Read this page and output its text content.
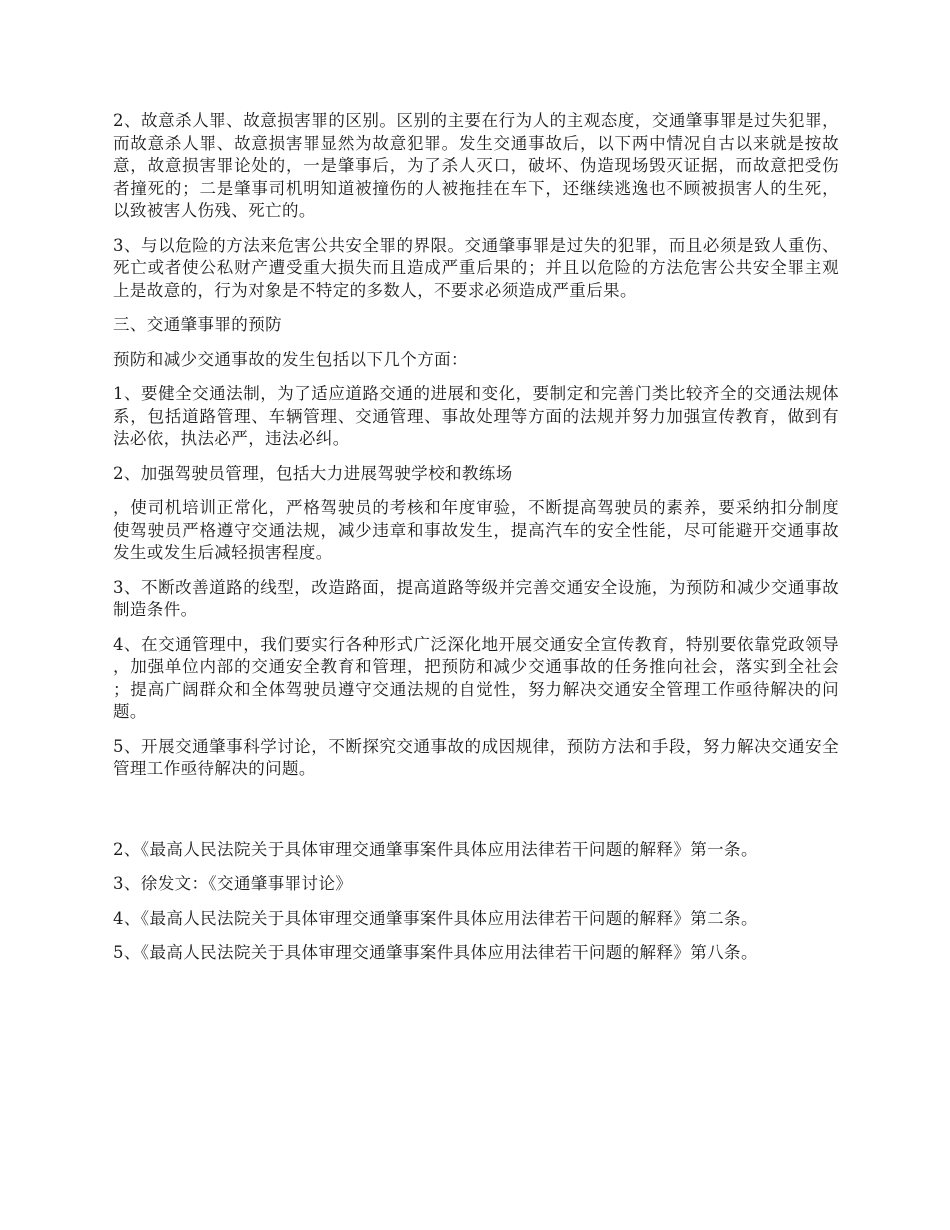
2、故意杀人罪、故意损害罪的区别。区别的主要在行为人的主观态度，交通肇事罪是过失犯罪，而故意杀人罪、故意损害罪显然为故意犯罪。发生交通事故后，以下两中情况自古以来就是按故意，故意损害罪论处的，一是肇事后，为了杀人灭口，破坏、伪造现场毁灭证据，而故意把受伤者撞死的；二是肇事司机明知道被撞伤的人被拖挂在车下，还继续逃逸也不顾被损害人的生死，以致被害人伤残、死亡的。

3、与以危险的方法来危害公共安全罪的界限。交通肇事罪是过失的犯罪，而且必须是致人重伤、死亡或者使公私财产遭受重大损失而且造成严重后果的；并且以危险的方法危害公共安全罪主观上是故意的，行为对象是不特定的多数人，不要求必须造成严重后果。

三、交通肇事罪的预防

预防和减少交通事故的发生包括以下几个方面：

1、要健全交通法制，为了适应道路交通的进展和变化，要制定和完善门类比较齐全的交通法规体系，包括道路管理、车辆管理、交通管理、事故处理等方面的法规并努力加强宣传教育，做到有法必依，执法必严，违法必纠。

2、加强驾驶员管理，包括大力进展驾驶学校和教练场

，使司机培训正常化，严格驾驶员的考核和年度审验，不断提高驾驶员的素养，要采纳扣分制度使驾驶员严格遵守交通法规，减少违章和事故发生，提高汽车的安全性能，尽可能避开交通事故发生或发生后减轻损害程度。

3、不断改善道路的线型，改造路面，提高道路等级并完善交通安全设施，为预防和减少交通事故制造条件。

4、在交通管理中，我们要实行各种形式广泛深化地开展交通安全宣传教育，特别要依靠党政领导，加强单位内部的交通安全教育和管理，把预防和减少交通事故的任务推向社会，落实到全社会；提高广阔群众和全体驾驶员遵守交通法规的自觉性，努力解决交通安全管理工作亟待解决的问题。

5、开展交通肇事科学讨论，不断探究交通事故的成因规律，预防方法和手段，努力解决交通安全管理工作亟待解决的问题。

2、《最高人民法院关于具体审理交通肇事案件具体应用法律若干问题的解释》第一条。

3、徐发文：《交通肇事罪讨论》

4、《最高人民法院关于具体审理交通肇事案件具体应用法律若干问题的解释》第二条。

5、《最高人民法院关于具体审理交通肇事案件具体应用法律若干问题的解释》第八条。
